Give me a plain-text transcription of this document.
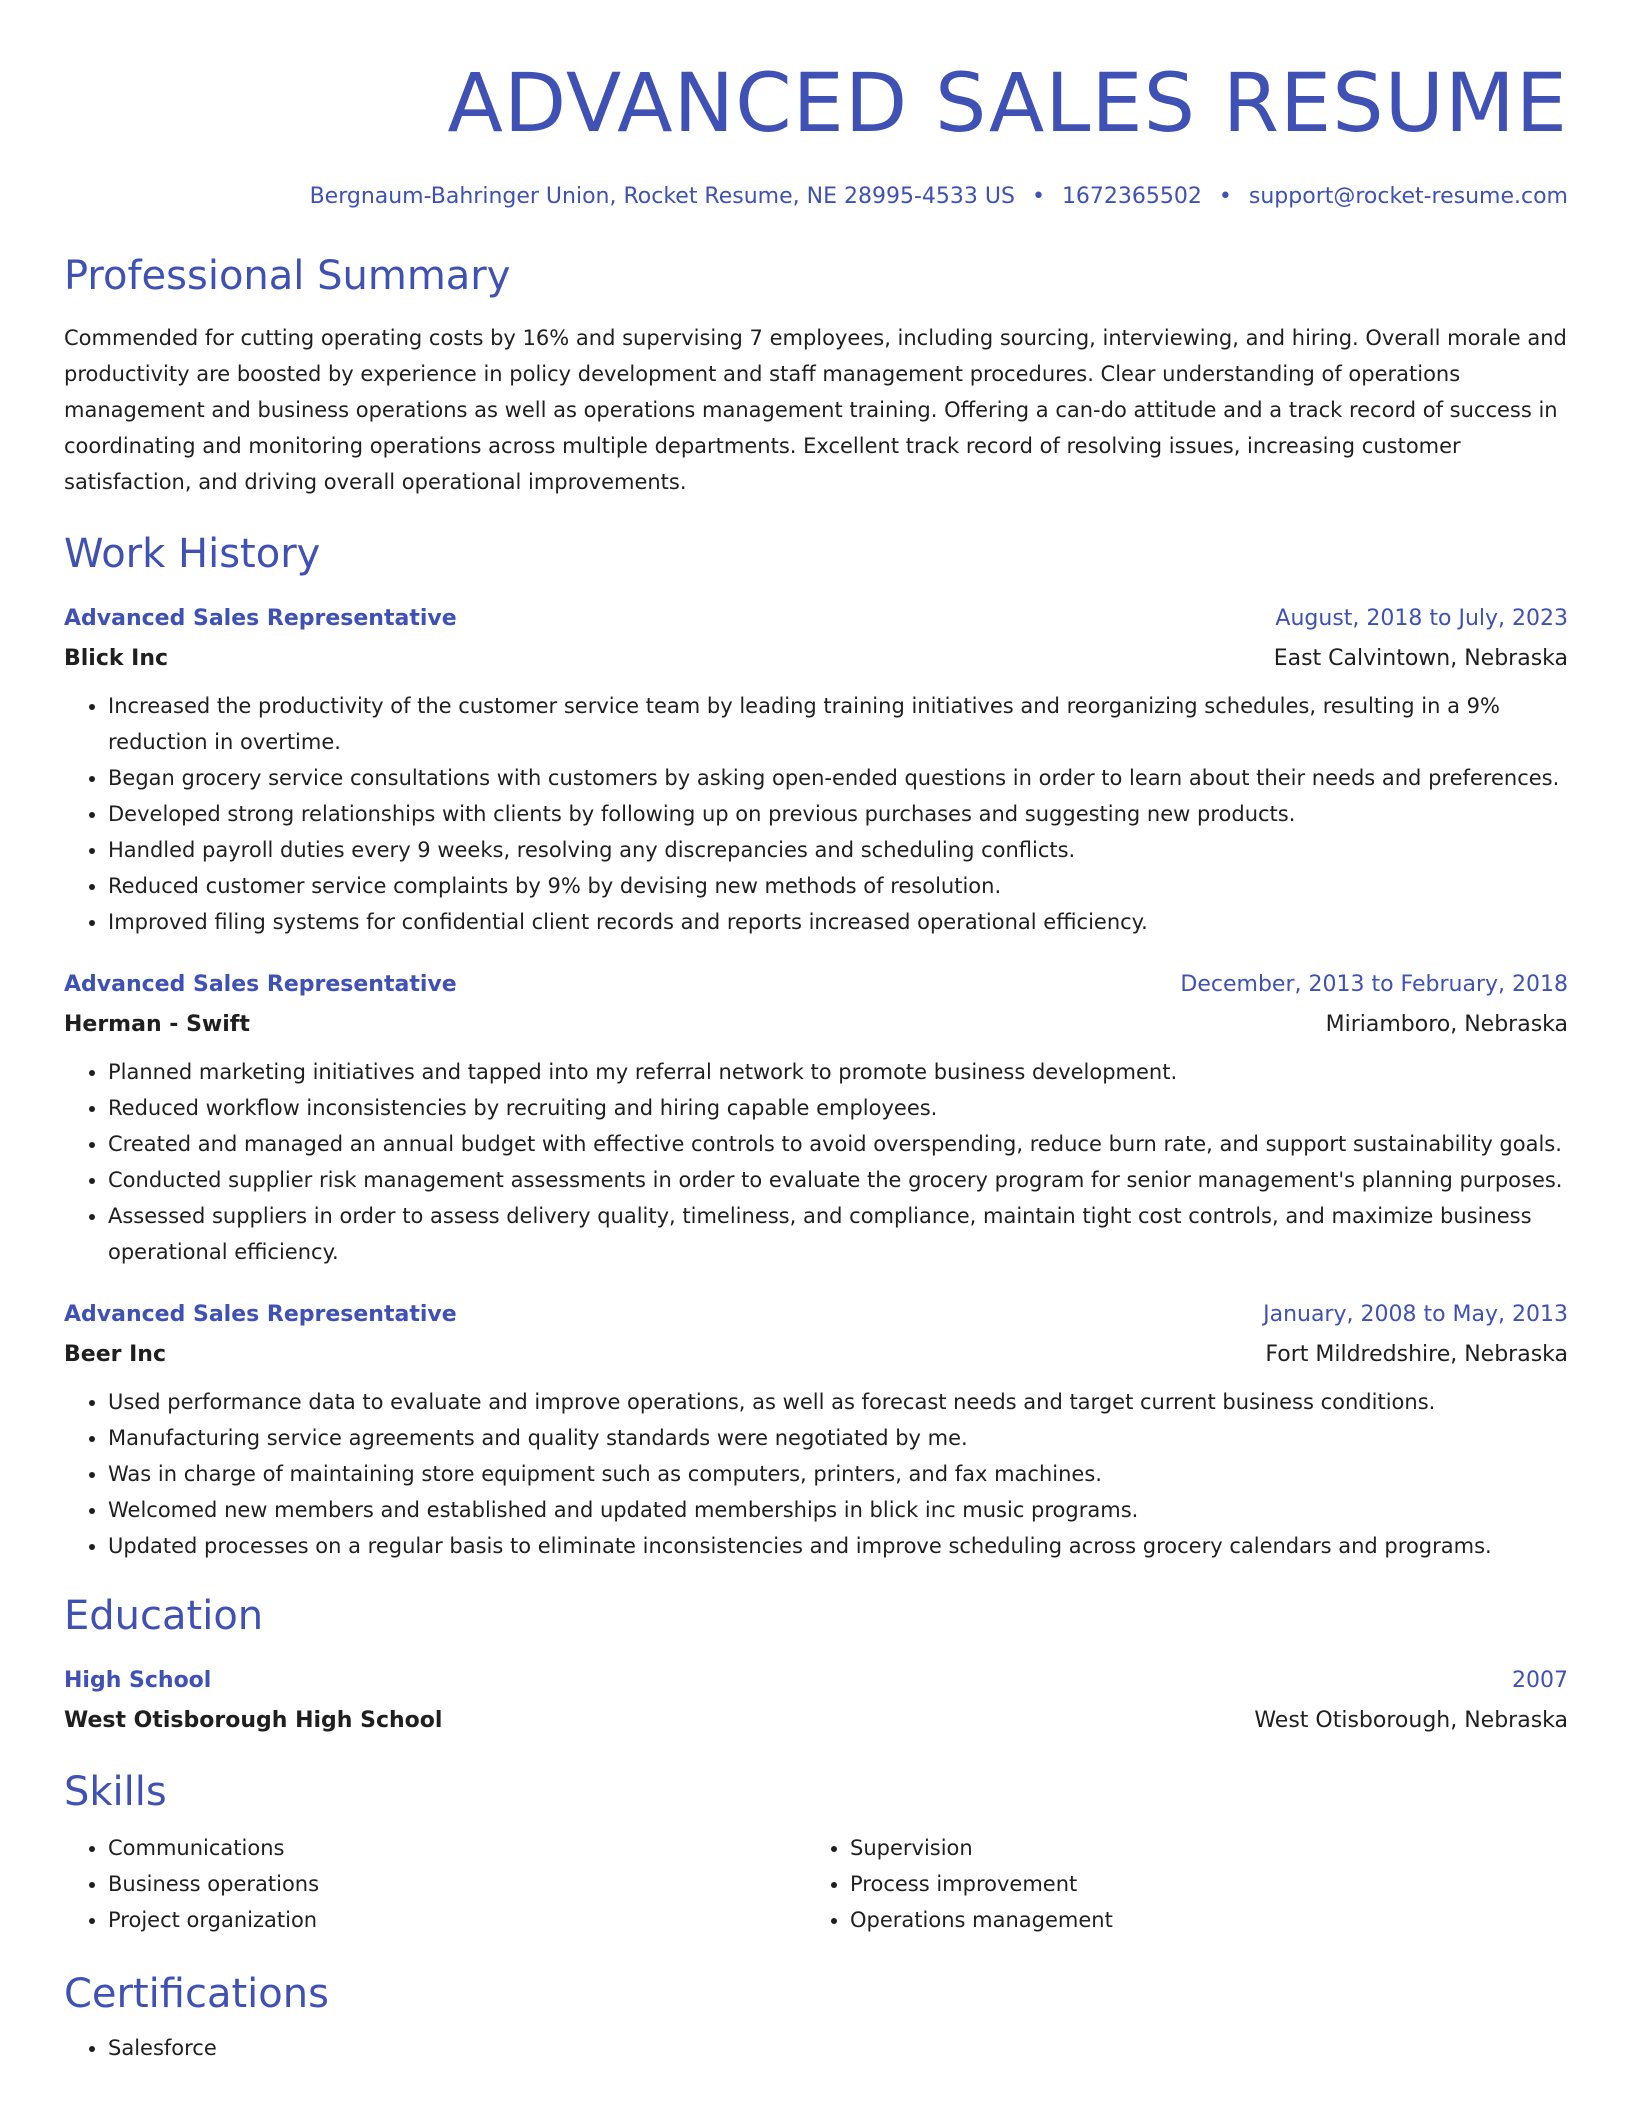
ADVANCED SALES RESUME
Bergnaum-Bahringer Union, Rocket Resume, NE 28995-4533 US • 1672365502 • support@rocket-resume.com
Professional Summary

Commended for cutting operating costs by 16% and supervising 7 employees, including sourcing, interviewing, and hiring. Overall morale and productivity are boosted by experience in policy development and staff management procedures. Clear understanding of operations management and business operations as well as operations management training. Offering a can-do attitude and a track record of success in coordinating and monitoring operations across multiple departments. Excellent track record of resolving issues, increasing customer satisfaction, and driving overall operational improvements.

Work History
Advanced Sales Representative	August, 2018 to July, 2023
Blick Inc	East Calvintown, Nebraska
• Increased the productivity of the customer service team by leading training initiatives and reorganizing schedules, resulting in a 9% reduction in overtime.
• Began grocery service consultations with customers by asking open-ended questions in order to learn about their needs and preferences.
• Developed strong relationships with clients by following up on previous purchases and suggesting new products.
• Handled payroll duties every 9 weeks, resolving any discrepancies and scheduling conflicts.
• Reduced customer service complaints by 9% by devising new methods of resolution.
• Improved filing systems for confidential client records and reports increased operational efficiency.
Advanced Sales Representative	December, 2013 to February, 2018
Herman - Swift	Miriamboro, Nebraska
• Planned marketing initiatives and tapped into my referral network to promote business development.
• Reduced workflow inconsistencies by recruiting and hiring capable employees.
• Created and managed an annual budget with effective controls to avoid overspending, reduce burn rate, and support sustainability goals.
• Conducted supplier risk management assessments in order to evaluate the grocery program for senior management's planning purposes.
• Assessed suppliers in order to assess delivery quality, timeliness, and compliance, maintain tight cost controls, and maximize business operational efficiency.
Advanced Sales Representative	January, 2008 to May, 2013
Beer Inc	Fort Mildredshire, Nebraska
• Used performance data to evaluate and improve operations, as well as forecast needs and target current business conditions.
• Manufacturing service agreements and quality standards were negotiated by me.
• Was in charge of maintaining store equipment such as computers, printers, and fax machines.
• Welcomed new members and established and updated memberships in blick inc music programs.
• Updated processes on a regular basis to eliminate inconsistencies and improve scheduling across grocery calendars and programs.
Education
High School	2007
West Otisborough High School	West Otisborough, Nebraska
Skills
• Communications
• Business operations
• Project organization
• Supervision
• Process improvement
• Operations management
Certifications
• Salesforce
